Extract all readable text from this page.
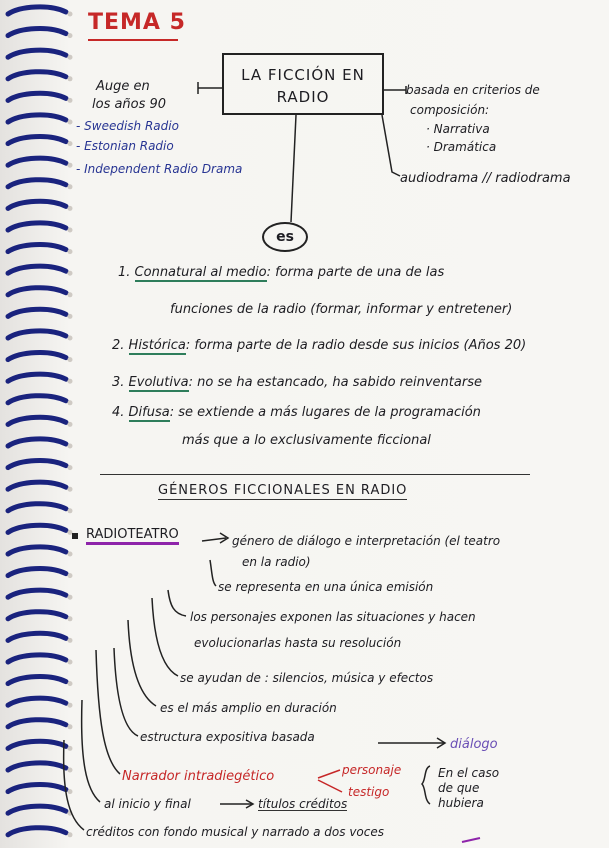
TEMA 5
LA FICCIÓN EN
RADIO
Auge en
los años 90
- Sweedish Radio
- Estonian Radio
- Independent Radio Drama
basada en criterios de
composición:
· Narrativa
· Dramática
audiodrama // radiodrama
es
1. Connatural al medio: forma parte de una de las
funciones de la radio (formar, informar y entretener)
2. Histórica: forma parte de la radio desde sus inicios (Años 20)
3. Evolutiva: no se ha estancado, ha sabido reinventarse
4. Difusa: se extiende a más lugares de la programación
más que a lo exclusivamente ficcional
GÉNEROS FICCIONALES EN RADIO
RADIOTEATRO	género de diálogo e interpretación (el teatro
en la radio)
se representa en una única emisión
los personajes exponen las situaciones y hacen
evolucionarlas hasta su resolución
se ayudan de : silencios, música y efectos
es el más amplio en duración
estructura expositiva basada	diálogo
Narrador intradiegético	personaje
testigo
En el caso
de que
hubiera
al inicio y final	títulos créditos
créditos con fondo musical y narrado a dos voces
